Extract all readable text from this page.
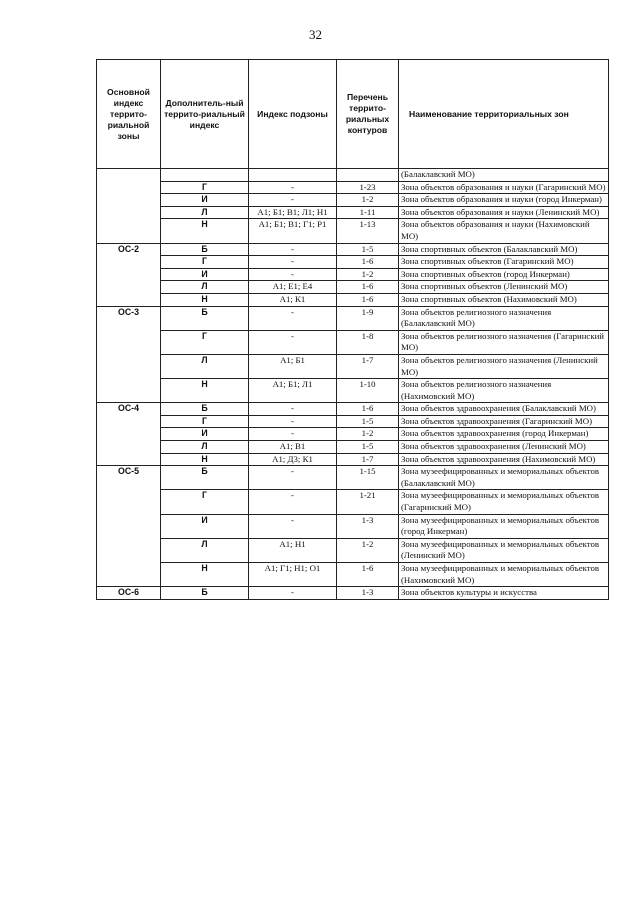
32
Основной индекс террито-риальной зоны	Дополнитель-ный террито-риальный индекс	Индекс подзоны	Перечень террито-риальных контуров	Наименование территориальных зон
				(Балаклавский МО)
	Г	-	1-23	Зона объектов образования и науки (Гагаринский МО)
	И	-	1-2	Зона объектов образования и науки (город Инкерман)
	Л	А1; Б1; В1; Л1; Н1	1-11	Зона объектов образования и науки (Ленинский МО)
	Н	А1; Б1; В1; Г1; Р1	1-13	Зона объектов образования и науки (Нахимовский МО)
ОС-2	Б	-	1-5	Зона спортивных объектов (Балаклавский МО)
	Г	-	1-6	Зона спортивных объектов (Гагаринский МО)
	И	-	1-2	Зона спортивных объектов (город Инкерман)
	Л	А1; Е1; Е4	1-6	Зона спортивных объектов (Ленинский МО)
	Н	А1; К1	1-6	Зона спортивных объектов (Нахимовский МО)
ОС-3	Б	-	1-9	Зона объектов религиозного назначения (Балаклавский МО)
	Г	-	1-8	Зона объектов религиозного назначения (Гагаринский МО)
	Л	А1; Б1	1-7	Зона объектов религиозного назначения (Ленинский МО)
	Н	А1; Б1; Л1	1-10	Зона объектов религиозного назначения (Нахимовский МО)
ОС-4	Б	-	1-6	Зона объектов здравоохранения (Балаклавский МО)
	Г	-	1-5	Зона объектов здравоохранения (Гагаринский МО)
	И	-	1-2	Зона объектов здравоохранения (город Инкерман)
	Л	А1; В1	1-5	Зона объектов здравоохранения (Ленинский МО)
	Н	А1; Д3; К1	1-7	Зона объектов здравоохранения (Нахимовский МО)
ОС-5	Б	-	1-15	Зона музеефицированных и мемориальных объектов (Балаклавский МО)
	Г	-	1-21	Зона музеефицированных и мемориальных объектов (Гагаринский МО)
	И	-	1-3	Зона музеефицированных и мемориальных объектов (город Инкерман)
	Л	А1; Н1	1-2	Зона музеефицированных и мемориальных объектов (Ленинский МО)
	Н	А1; Г1; Н1; О1	1-6	Зона музеефицированных и мемориальных объектов (Нахимовский МО)
ОС-6	Б	-	1-3	Зона объектов культуры и искусства
